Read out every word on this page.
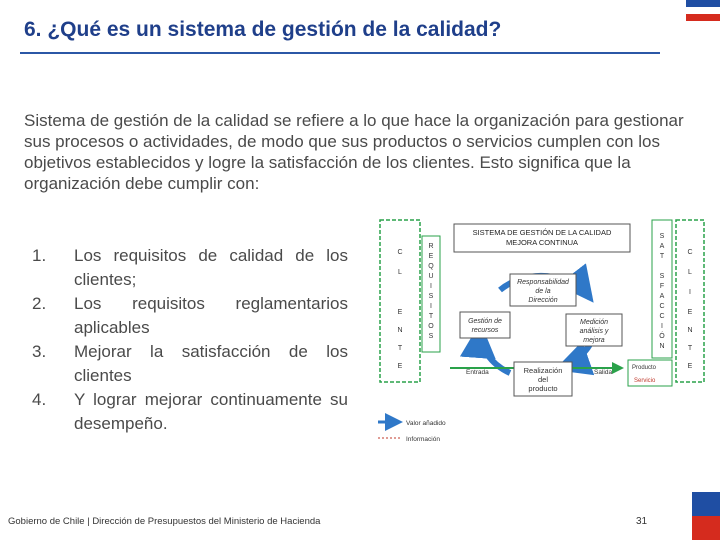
6. ¿Qué es un sistema de gestión de la calidad?
Sistema de gestión de la calidad se refiere a lo que hace la organización para gestionar sus procesos o actividades, de modo que sus productos o servicios cumplen con los objetivos establecidos y logre la satisfacción de los clientes. Esto significa que la organización debe cumplir con:
1. Los requisitos de calidad de los clientes;
2. Los requisitos reglamentarios aplicables
3. Mejorar la satisfacción de los clientes
4. Y lograr mejorar continuamente su desempeño.
SISTEMA DE GESTIÓN DE LA CALIDAD
MEJORA CONTINUA
C
L
E
N
T
E
R
E
Q
U
I
S
I
T
O
S
S
A
T
S
F
A
C
C
I
Ó
N
C
L
I
E
N
T
E
Responsabilidad
de la
Dirección
Gestión de
recursos
Medición
análisis y
mejora
Entrada	Salida
Realización
del
producto
Producto
Servicio
Valor añadido
Información
Gobierno de Chile | Dirección de Presupuestos del Ministerio de Hacienda	31
